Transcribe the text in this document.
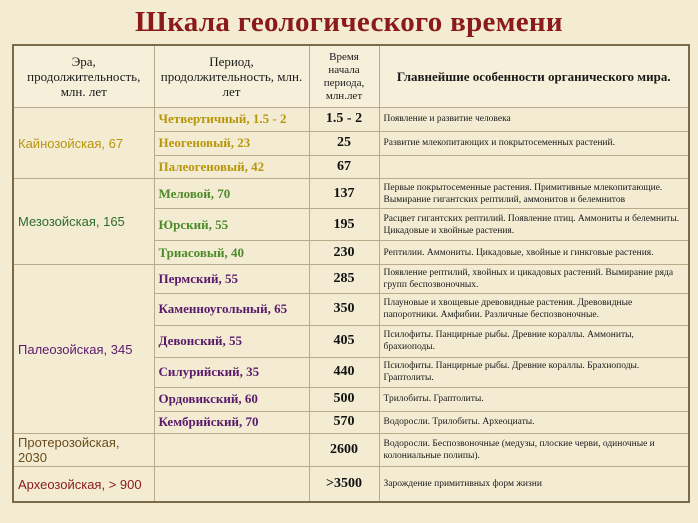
Шкала геологического времени
Эра, продолжительность, млн. лет	Период, продолжительность, млн. лет	Время начала периода, млн.лет	Главнейшие особенности органического мира.
Кайнозойская, 67	Четвертичный, 1.5 - 2	1.5 - 2	Появление и развитие человека
	Неогеновый, 23	25	Развитие млекопитающих и покрытосеменных растений.
	Палеогеновый, 42	67	
Мезозойская, 165	Меловой, 70	137	Первые покрытосеменные растения. Примитивные млекопитающие. Вымирание гигантских рептилий, аммонитов и белемнитов
	Юрский, 55	195	Расцвет гигантских рептилий. Появление птиц. Аммониты и белемниты. Цикадовые и хвойные растения.
	Триасовый, 40	230	Рептилии. Аммониты. Цикадовые, хвойные и гинкговые растения.
Палеозойская, 345	Пермский, 55	285	Появление рептилий, хвойных и цикадовых растений. Вымирание ряда групп беспозвоночных.
	Каменноугольный, 65	350	Плауновые и хвощевые древовидные растения. Древовидные папоротники. Амфибии. Различные беспозвоночные.
	Девонский, 55	405	Псилофиты. Панцирные рыбы. Древние кораллы. Аммониты, брахиоподы.
	Силурийский, 35	440	Псилофиты. Панцирные рыбы. Древние кораллы. Брахиоподы. Граптолиты.
	Ордовикский, 60	500	Трилобиты. Граптолиты.
	Кембрийский, 70	570	Водоросли. Трилобиты. Археоциаты.
Протерозойская, 2030		2600	Водоросли. Беспозвоночные (медузы, плоские черви, одиночные и колониальные полипы).
Археозойская, > 900		>3500	Зарождение примитивных форм жизни
